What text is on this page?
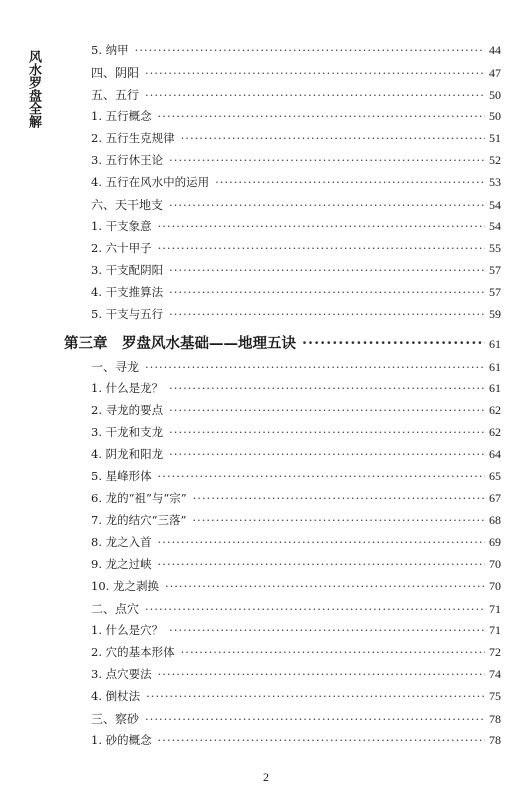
风水罗盘全解	5. 纳甲 ·····	44
四、阴阳 ·····	47
五、五行 ·····	50
1. 五行概念 ·····	50
2. 五行生克规律 ·····	51
3. 五行休王论 ·····	52
4. 五行在风水中的运用 ·····	53
六、天干地支 ·····	54
1. 干支象意 ·····	54
2. 六十甲子 ·····	55
3. 干支配阴阳 ·····	57
4. 干支推算法 ·····	57
5. 干支与五行 ·····	59
第三章　罗盘风水基础——地理五诀 ·····	61
一、寻龙 ·····	61
1. 什么是龙？ ·····	61
2. 寻龙的要点 ·····	62
3. 干龙和支龙 ·····	62
4. 阴龙和阳龙 ·····	64
5. 星峰形体 ·····	65
6. 龙的“祖”与“宗” ·····	67
7. 龙的结穴“三落” ·····	68
8. 龙之入首 ·····	69
9. 龙之过峡 ·····	70
10. 龙之剥换 ·····	70
二、点穴 ·····	71
1. 什么是穴？ ·····	71
2. 穴的基本形体 ·····	72
3. 点穴要法 ·····	74
4. 倒杖法 ·····	75
三、察砂 ·····	78
1. 砂的概念 ·····	78
2
